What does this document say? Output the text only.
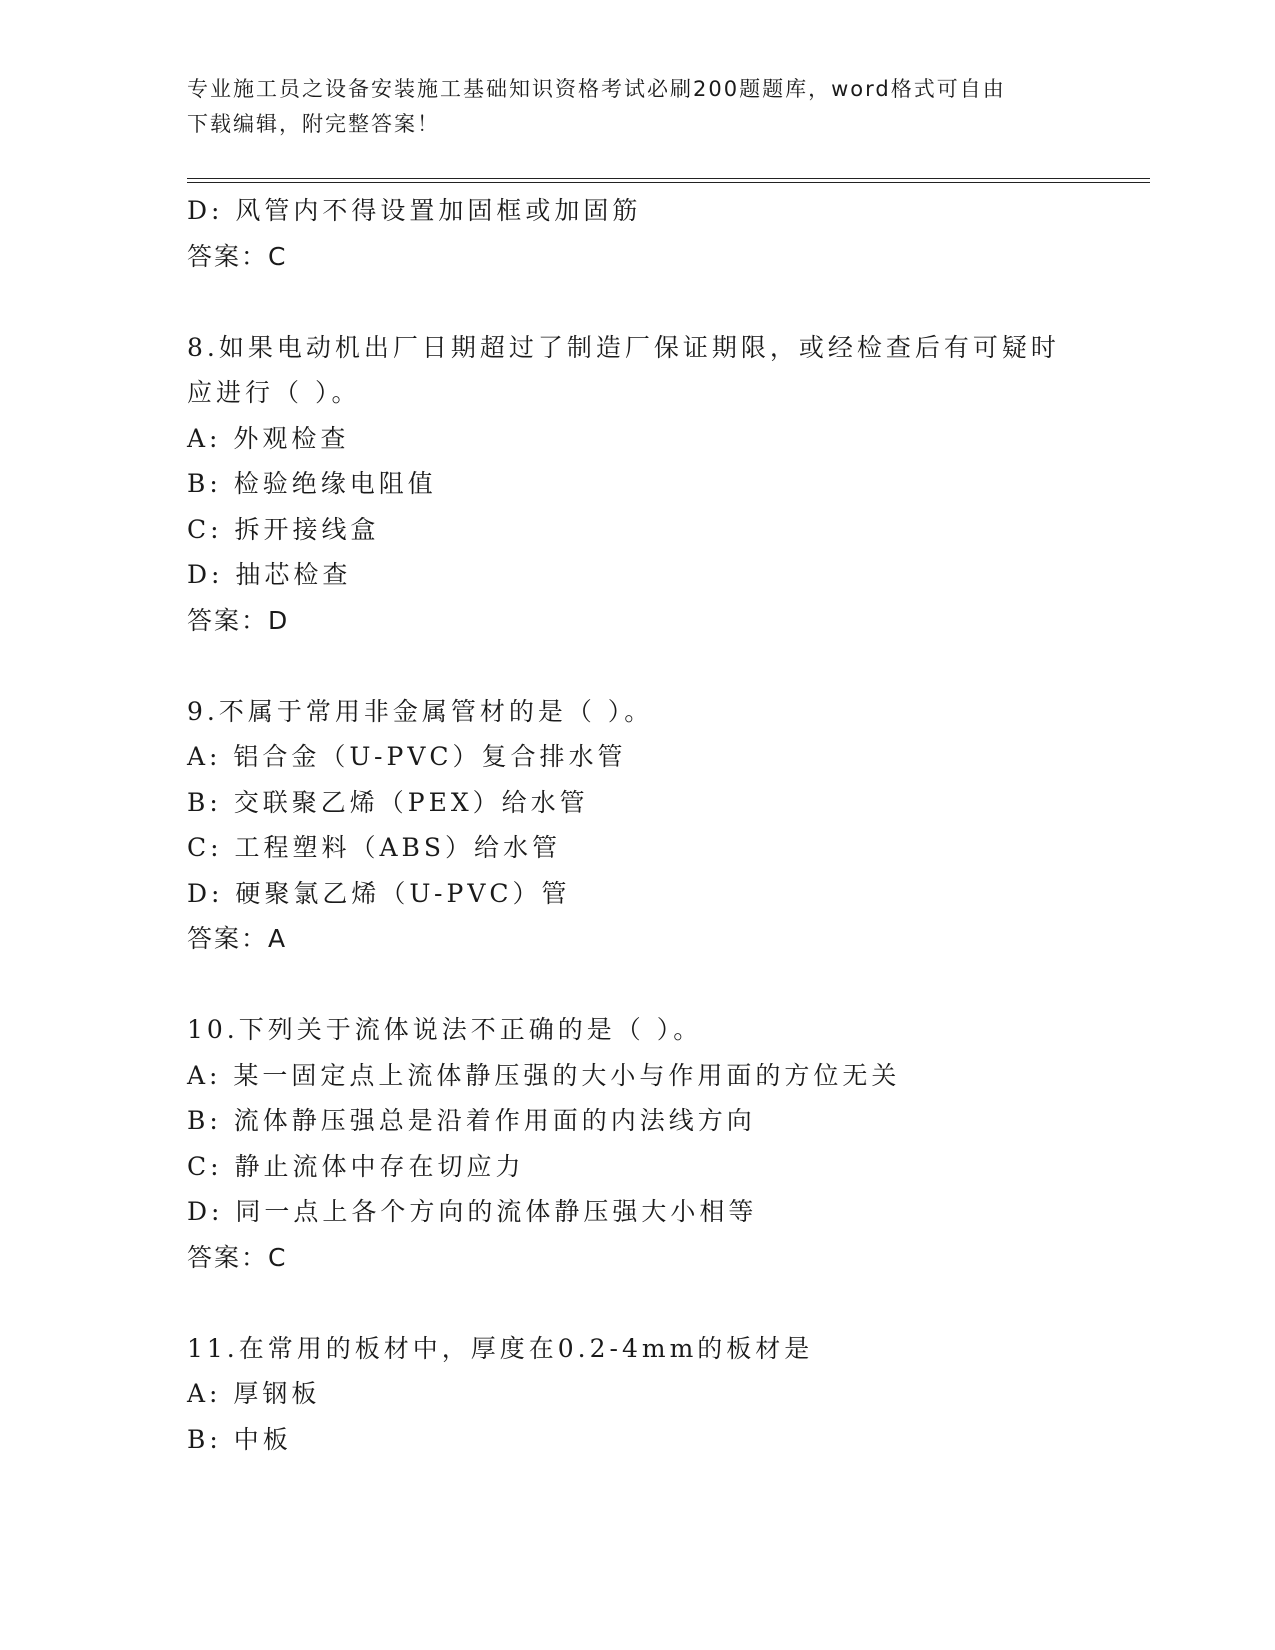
专业施工员之设备安装施工基础知识资格考试必刷200题题库，word格式可自由
下载编辑，附完整答案！
D: 风管内不得设置加固框或加固筋
答案：C
8.如果电动机出厂日期超过了制造厂保证期限，或经检查后有可疑时
应进行（ ）。
A: 外观检查
B: 检验绝缘电阻值
C: 拆开接线盒
D: 抽芯检查
答案：D
9.不属于常用非金属管材的是（ ）。
A: 铝合金（U-PVC）复合排水管
B: 交联聚乙烯（PEX）给水管
C: 工程塑料（ABS）给水管
D: 硬聚氯乙烯（U-PVC）管
答案：A
10.下列关于流体说法不正确的是（ ）。
A: 某一固定点上流体静压强的大小与作用面的方位无关
B: 流体静压强总是沿着作用面的内法线方向
C: 静止流体中存在切应力
D: 同一点上各个方向的流体静压强大小相等
答案：C
11.在常用的板材中，厚度在0.2-4mm的板材是
A: 厚钢板
B: 中板
